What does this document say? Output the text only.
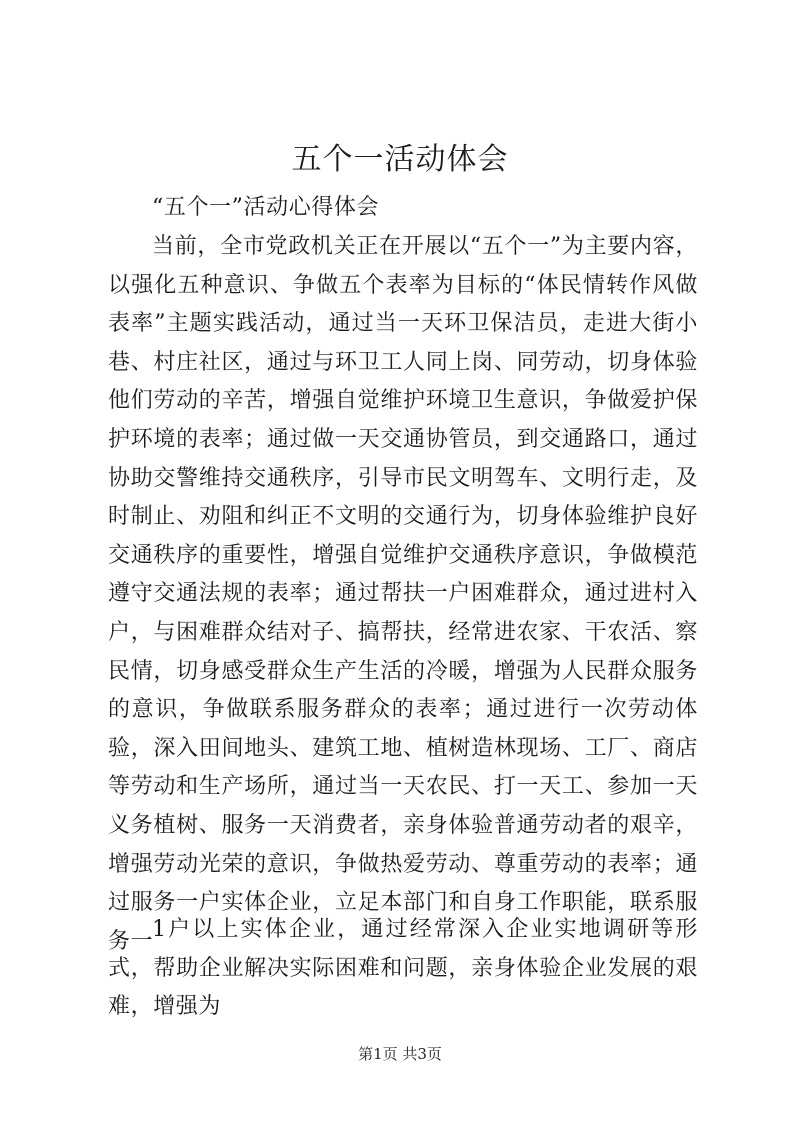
五个一活动体会

“五个一”活动心得体会

当前，全市党政机关正在开展以“五个一”为主要内容，以强化五种意识、争做五个表率为目标的“体民情转作风做表率”主题实践活动，通过当一天环卫保洁员，走进大街小巷、村庄社区，通过与环卫工人同上岗、同劳动，切身体验他们劳动的辛苦，增强自觉维护环境卫生意识，争做爱护保护环境的表率；通过做一天交通协管员，到交通路口，通过协助交警维持交通秩序，引导市民文明驾车、文明行走，及时制止、劝阻和纠正不文明的交通行为，切身体验维护良好交通秩序的重要性，增强自觉维护交通秩序意识，争做模范遵守交通法规的表率；通过帮扶一户困难群众，通过进村入户，与困难群众结对子、搞帮扶，经常进农家、干农活、察民情，切身感受群众生产生活的冷暖，增强为人民群众服务的意识，争做联系服务群众的表率；通过进行一次劳动体验，深入田间地头、建筑工地、植树造林现场、工厂、商店等劳动和生产场所，通过当一天农民、打一天工、参加一天义务植树、服务一天消费者，亲身体验普通劳动者的艰辛，增强劳动光荣的意识，争做热爱劳动、尊重劳动的表率；通过服务一户实体企业，立足本部门和自身工作职能，联系服务一

1户以上实体企业，通过经常深入企业实地调研等形式，帮助企业解决实际困难和问题，亲身体验企业发展的艰难，增强为

第1页 共3页
